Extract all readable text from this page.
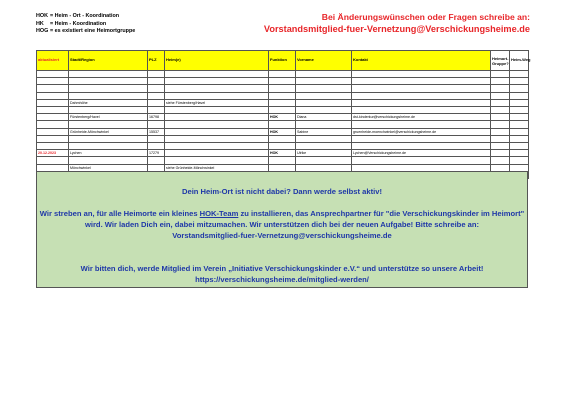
HOK = Heim - Ort - Koordination
HK	= Heim - Koordination
HOG = es existiert eine Heimortgruppe
Bei Änderungswünschen oder Fragen schreibe an:
Vorstandsmitglied-fuer-Vernetzung@Verschickungsheime.de
aktualisiert	Stadt/Region	PLZ	Heim(e)	Funktion	Vorname	Kontakt	Heimort-Gruppe?	Heim-Weg

	Dahmhöhe		siehe Fürstenberg/Havel					

	Fürstenberg/Havel	16798		HOK	Diana	dst-kinderkur@verschickungsheime.de		

	Grünheide-Mönchwinkel	15537		HOK	Sabine	gruenheide-moenchwinkel@verschickungsheime.de		

20.12.2023	Lychen	17279		HOK	Ulrike	Lychen@Verschickungsheime.de		

	Mönchwinkel		siehe Grünheide-Mönchwinkel					

Dein Heim-Ort ist nicht dabei? Dann werde selbst aktiv!

Wir streben an, für alle Heimorte ein kleines HOK-Team zu installieren, das Ansprechpartner für "die Verschickungskinder im Heimort" wird. Wir laden Dich ein, dabei mitzumachen. Wir unterstützen dich bei der neuen Aufgabe! Bitte schreibe an:
Vorstandsmitglied-fuer-Vernetzung@verschickungsheime.de

Wir bitten dich, werde Mitglied im Verein „Initiative Verschickungskinder e.V.“ und unterstütze so unsere Arbeit!
https://verschickungsheime.de/mitglied-werden/
